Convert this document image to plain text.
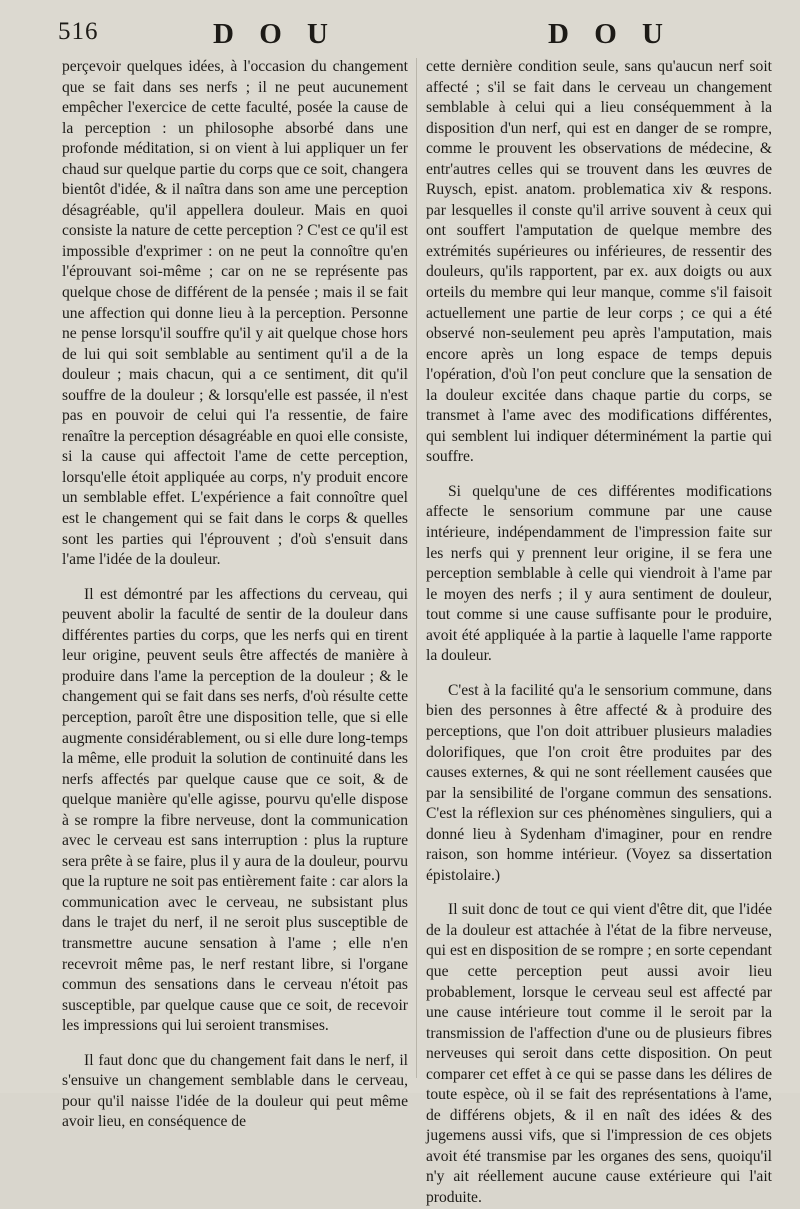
516	D O U	D O U

perçevoir quelques idées, à l'occasion du changement que se fait dans ses nerfs ; il ne peut aucunement empêcher l'exercice de cette faculté, posée la cause de la perception : un philosophe absorbé dans une profonde méditation, si on vient à lui appliquer un fer chaud sur quelque partie du corps que ce soit, changera bientôt d'idée, & il naîtra dans son ame une perception désagréable, qu'il appellera douleur. Mais en quoi consiste la nature de cette perception ? C'est ce qu'il est impossible d'exprimer : on ne peut la connoître qu'en l'éprouvant soi-même ; car on ne se représente pas quelque chose de différent de la pensée ; mais il se fait une affection qui donne lieu à la perception. Personne ne pense lorsqu'il souffre qu'il y ait quelque chose hors de lui qui soit semblable au sentiment qu'il a de la douleur ; mais chacun, qui a ce sentiment, dit qu'il souffre de la douleur ; & lorsqu'elle est passée, il n'est pas en pouvoir de celui qui l'a ressentie, de faire renaître la perception désagréable en quoi elle consiste, si la cause qui affectoit l'ame de cette perception, lorsqu'elle étoit appliquée au corps, n'y produit encore un semblable effet. L'expérience a fait connoître quel est le changement qui se fait dans le corps & quelles sont les parties qui l'éprouvent ; d'où s'ensuit dans l'ame l'idée de la douleur.

Il est démontré par les affections du cerveau, qui peuvent abolir la faculté de sentir de la douleur dans différentes parties du corps, que les nerfs qui en tirent leur origine, peuvent seuls être affectés de manière à produire dans l'ame la perception de la douleur ; & le changement qui se fait dans ses nerfs, d'où résulte cette perception, paroît être une disposition telle, que si elle augmente considérablement, ou si elle dure long-temps la même, elle produit la solution de continuité dans les nerfs affectés par quelque cause que ce soit, & de quelque manière qu'elle agisse, pourvu qu'elle dispose à se rompre la fibre nerveuse, dont la communication avec le cerveau est sans interruption : plus la rupture sera prête à se faire, plus il y aura de la douleur, pourvu que la rupture ne soit pas entièrement faite : car alors la communication avec le cerveau, ne subsistant plus dans le trajet du nerf, il ne seroit plus susceptible de transmettre aucune sensation à l'ame ; elle n'en recevroit même pas, le nerf restant libre, si l'organe commun des sensations dans le cerveau n'étoit pas susceptible, par quelque cause que ce soit, de recevoir les impressions qui lui seroient transmises.

Il faut donc que du changement fait dans le nerf, il s'ensuive un changement semblable dans le cerveau, pour qu'il naisse l'idée de la douleur qui peut même avoir lieu, en conséquence de

cette dernière condition seule, sans qu'aucun nerf soit affecté ; s'il se fait dans le cerveau un changement semblable à celui qui a lieu conséquemment à la disposition d'un nerf, qui est en danger de se rompre, comme le prouvent les observations de médecine, & entr'autres celles qui se trouvent dans les œuvres de Ruysch, epist. anatom. problematica xiv & respons. par lesquelles il conste qu'il arrive souvent à ceux qui ont souffert l'amputation de quelque membre des extrémités supérieures ou inférieures, de ressentir des douleurs, qu'ils rapportent, par ex. aux doigts ou aux orteils du membre qui leur manque, comme s'il faisoit actuellement une partie de leur corps ; ce qui a été observé non-seulement peu après l'amputation, mais encore après un long espace de temps depuis l'opération, d'où l'on peut conclure que la sensation de la douleur excitée dans chaque partie du corps, se transmet à l'ame avec des modifications différentes, qui semblent lui indiquer déterminément la partie qui souffre.

Si quelqu'une de ces différentes modifications affecte le sensorium commune par une cause intérieure, indépendamment de l'impression faite sur les nerfs qui y prennent leur origine, il se fera une perception semblable à celle qui viendroit à l'ame par le moyen des nerfs ; il y aura sentiment de douleur, tout comme si une cause suffisante pour le produire, avoit été appliquée à la partie à laquelle l'ame rapporte la douleur.

C'est à la facilité qu'a le sensorium commune, dans bien des personnes à être affecté & à produire des perceptions, que l'on doit attribuer plusieurs maladies dolorifiques, que l'on croit être produites par des causes externes, & qui ne sont réellement causées que par la sensibilité de l'organe commun des sensations. C'est la réflexion sur ces phénomènes singuliers, qui a donné lieu à Sydenham d'imaginer, pour en rendre raison, son homme intérieur. (Voyez sa dissertation épistolaire.)

Il suit donc de tout ce qui vient d'être dit, que l'idée de la douleur est attachée à l'état de la fibre nerveuse, qui est en disposition de se rompre ; en sorte cependant que cette perception peut aussi avoir lieu probablement, lorsque le cerveau seul est affecté par une cause intérieure tout comme il le seroit par la transmission de l'affection d'une ou de plusieurs fibres nerveuses qui seroit dans cette disposition. On peut comparer cet effet à ce qui se passe dans les délires de toute espèce, où il se fait des représentations à l'ame, de différens objets, & il en naît des idées & des jugemens aussi vifs, que si l'impression de ces objets avoit été transmise par les organes des sens, quoiqu'il n'y ait réellement aucune cause extérieure qui l'ait produite.
